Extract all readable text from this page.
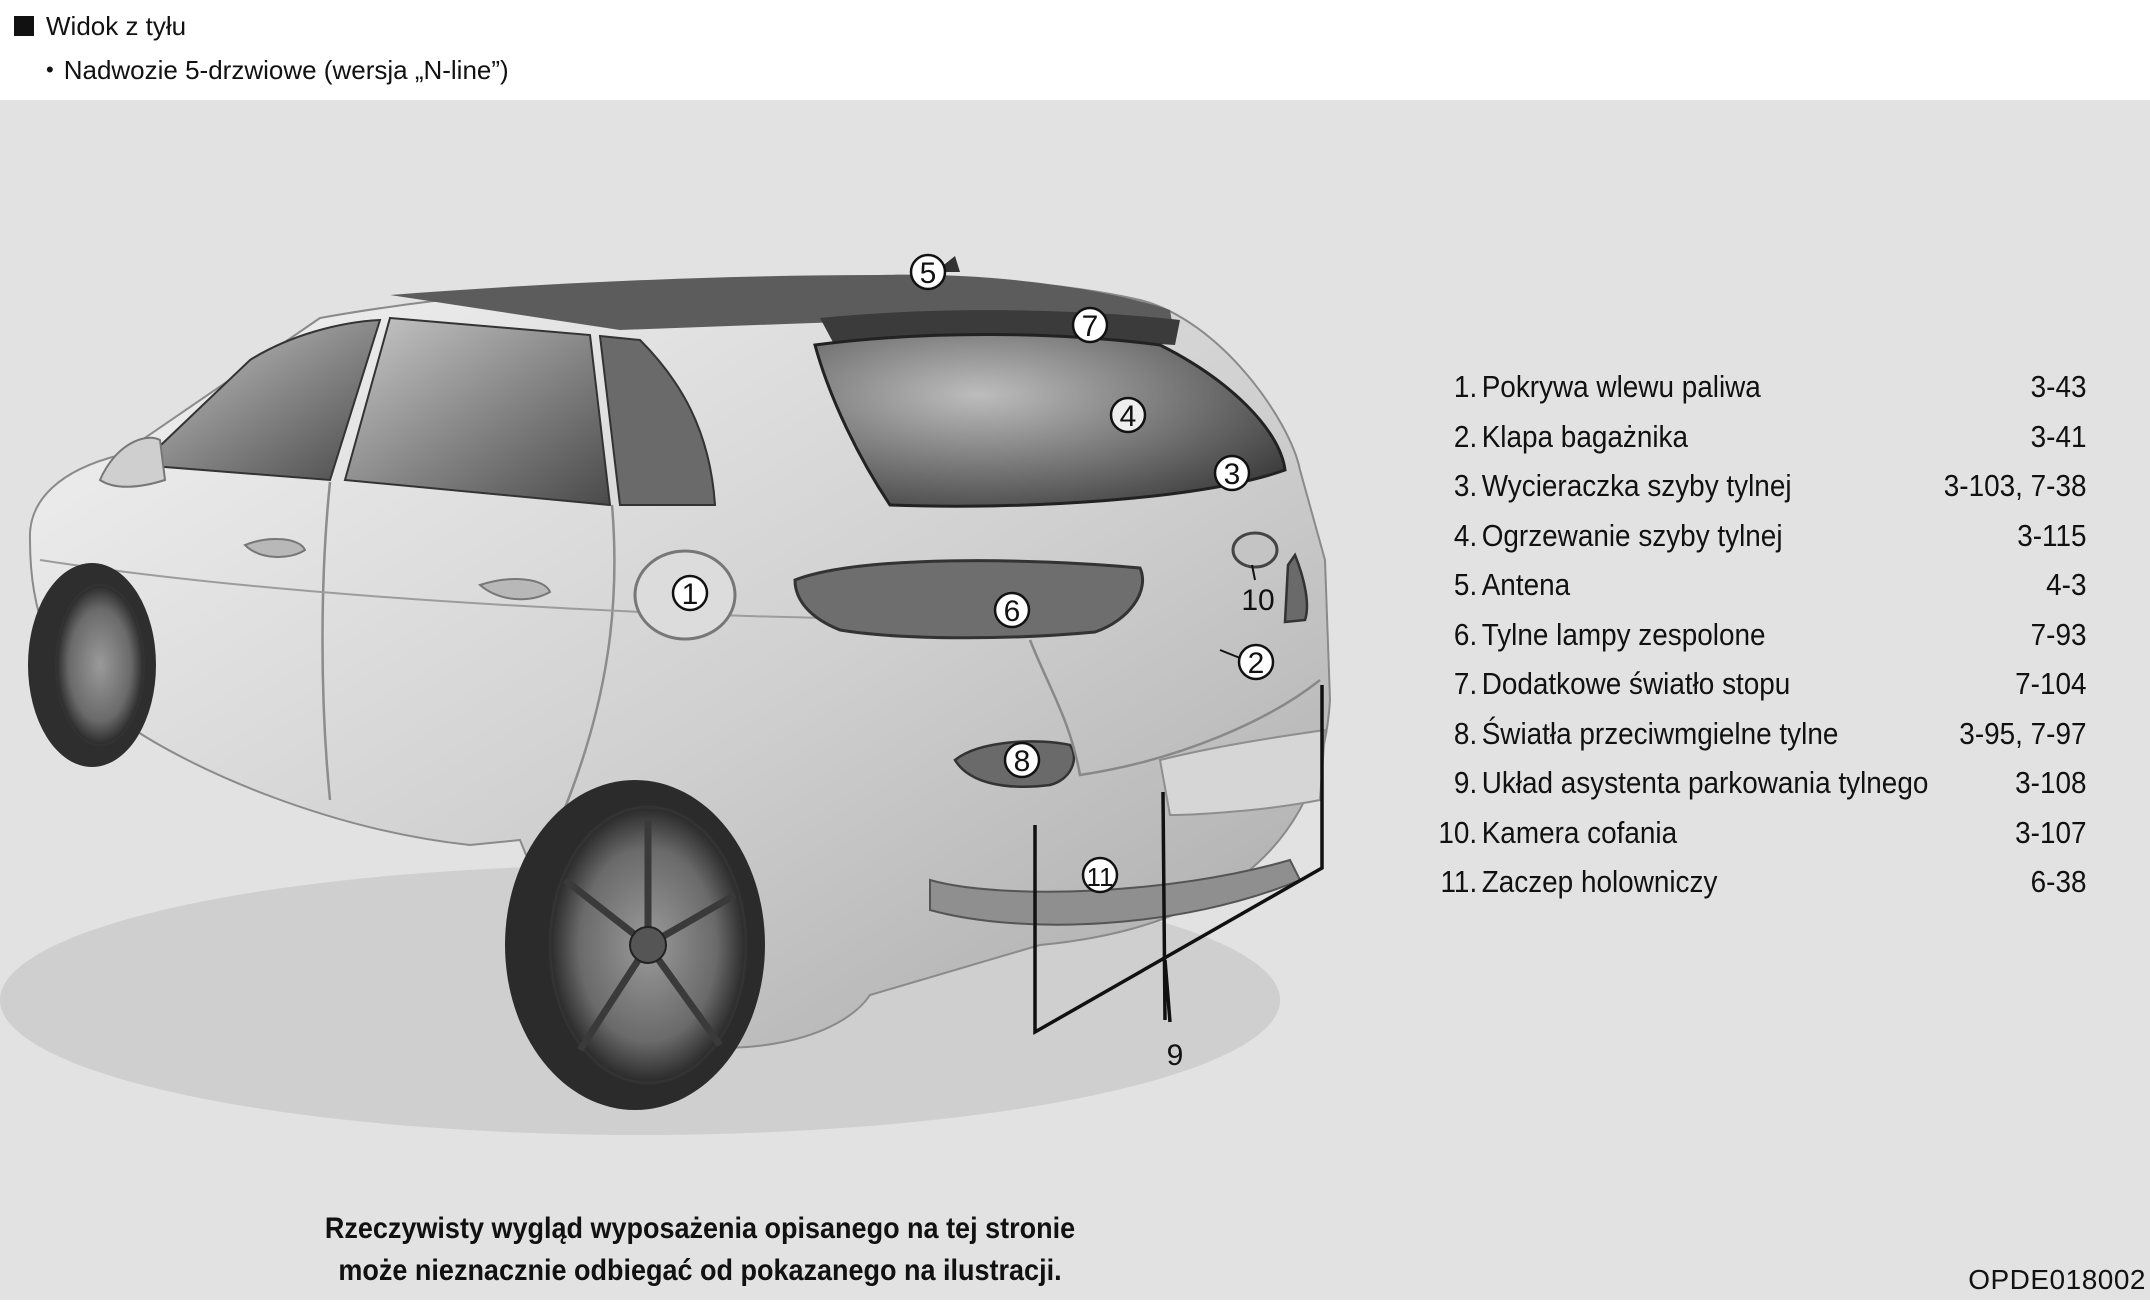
Widok z tyłu
• Nadwozie 5-drzwiowe (wersja „N-line”)
1
2
3
4
5
6
7
8
9
10
11
1. Pokrywa wlewu paliwa	3-43
2. Klapa bagażnika	3-41
3. Wycieraczka szyby tylnej	3-103, 7-38
4. Ogrzewanie szyby tylnej	3-115
5. Antena	4-3
6. Tylne lampy zespolone	7-93
7. Dodatkowe światło stopu	7-104
8. Światła przeciwmgielne tylne	3-95, 7-97
9. Układ asystenta parkowania tylnego	3-108
10. Kamera cofania	3-107
11. Zaczep holowniczy	6-38
Rzeczywisty wygląd wyposażenia opisanego na tej stronie
może nieznacznie odbiegać od pokazanego na ilustracji.	OPDE018002
